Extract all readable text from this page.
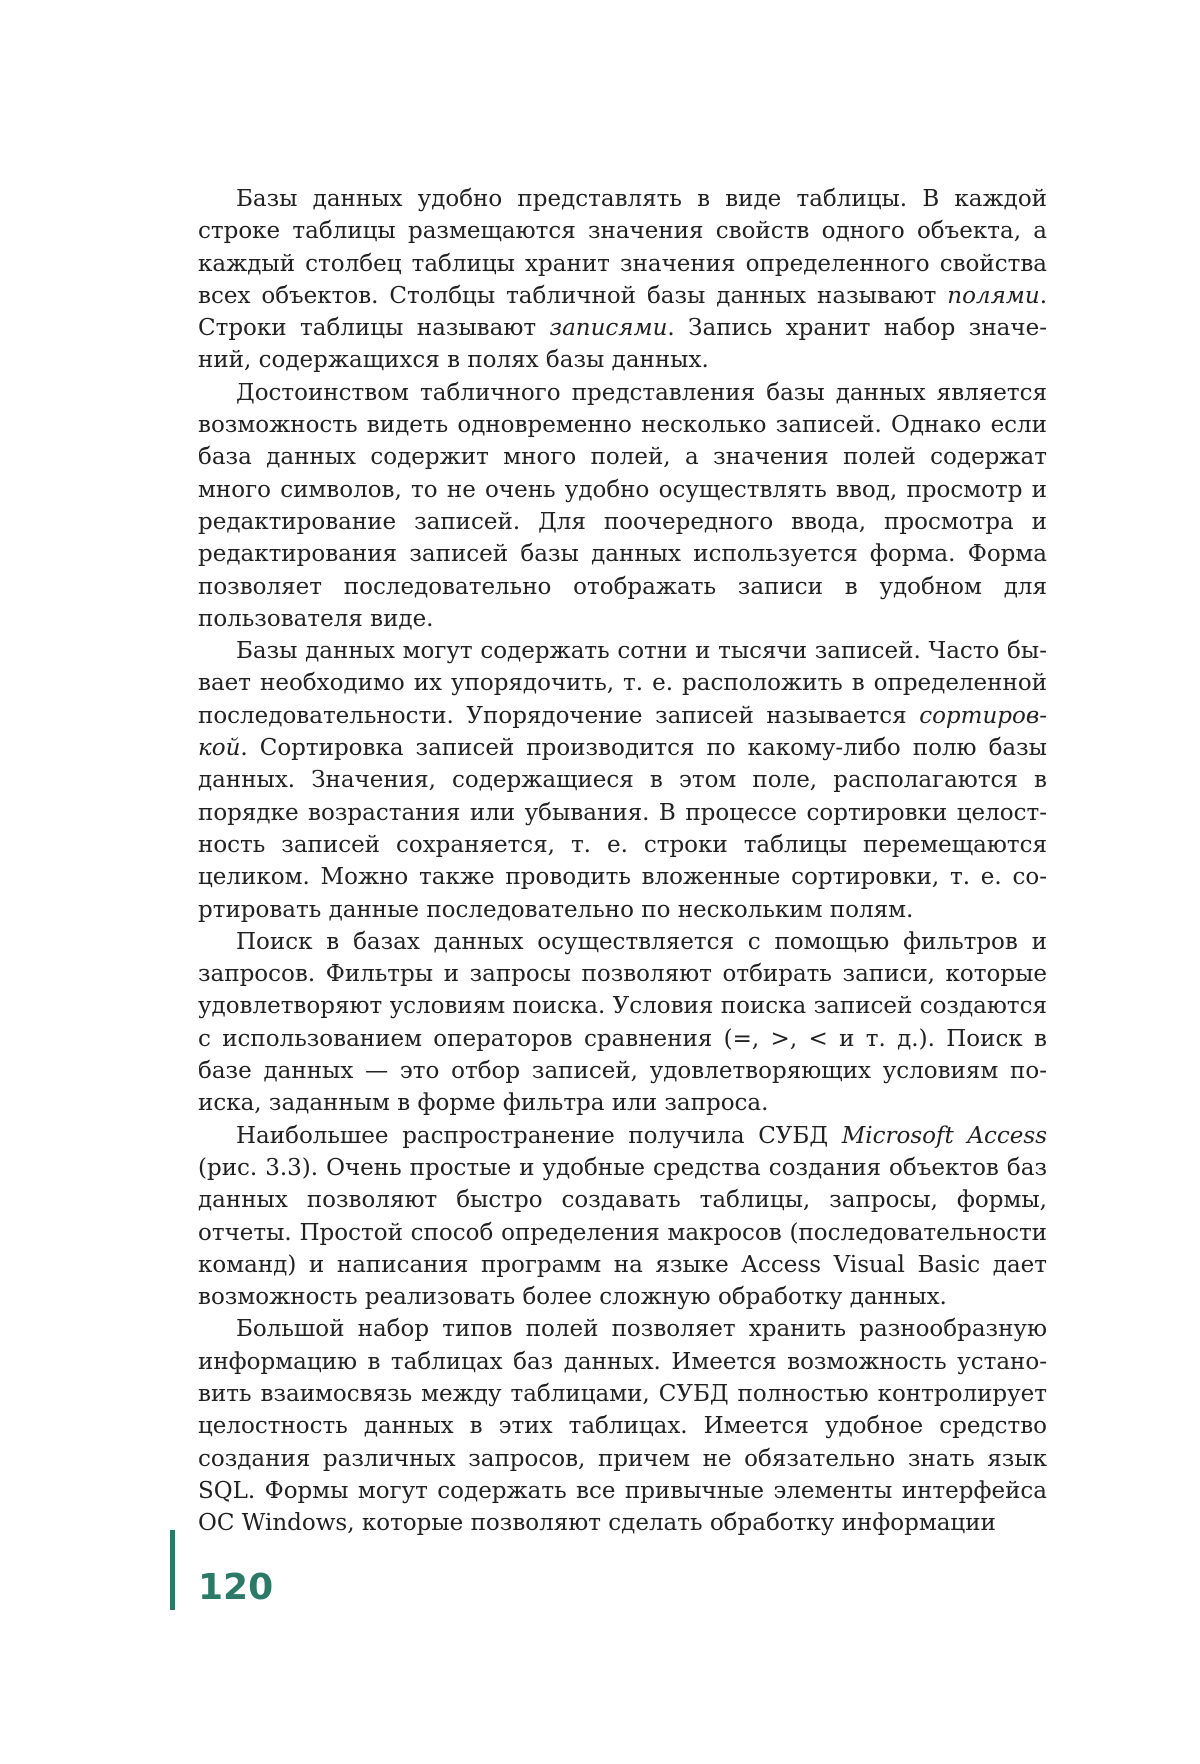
Базы данных удобно представлять в виде таблицы. В каждой строке таблицы размещаются значения свойств одного объекта, а каждый столбец таблицы хранит значения определенного свойства всех объектов. Столбцы табличной базы данных называют полями. Строки таблицы называют записями. Запись хранит набор значений, содержащихся в полях базы данных.

Достоинством табличного представления базы данных является возможность видеть одновременно несколько записей. Однако если база данных содержит много полей, а значения полей содержат много символов, то не очень удобно осуществлять ввод, просмотр и редактирование записей. Для поочередного ввода, просмотра и редактирования записей базы данных используется форма. Форма позволяет последовательно отображать записи в удобном для пользователя виде.

Базы данных могут содержать сотни и тысячи записей. Часто бывает необходимо их упорядочить, т. е. расположить в определенной последовательности. Упорядочение записей называется сортировкой. Сортировка записей производится по какому-либо полю базы данных. Значения, содержащиеся в этом поле, располагаются в порядке возрастания или убывания. В процессе сортировки целостность записей сохраняется, т. е. строки таблицы перемещаются целиком. Можно также проводить вложенные сортировки, т. е. сортировать данные последовательно по нескольким полям.

Поиск в базах данных осуществляется с помощью фильтров и запросов. Фильтры и запросы позволяют отбирать записи, которые удовлетворяют условиям поиска. Условия поиска записей создаются с использованием операторов сравнения (=, >, < и т. д.). Поиск в базе данных — это отбор записей, удовлетворяющих условиям поиска, заданным в форме фильтра или запроса.

Наибольшее распространение получила СУБД Microsoft Access (рис. 3.3). Очень простые и удобные средства создания объектов баз данных позволяют быстро создавать таблицы, запросы, формы, отчеты. Простой способ определения макросов (последовательности команд) и написания программ на языке Access Visual Basic дает возможность реализовать более сложную обработку данных.

Большой набор типов полей позволяет хранить разнообразную информацию в таблицах баз данных. Имеется возможность установить взаимосвязь между таблицами, СУБД полностью контролирует целостность данных в этих таблицах. Имеется удобное средство создания различных запросов, причем не обязательно знать язык SQL. Формы могут содержать все привычные элементы интерфейса ОС Windows, которые позволяют сделать обработку информации

120
